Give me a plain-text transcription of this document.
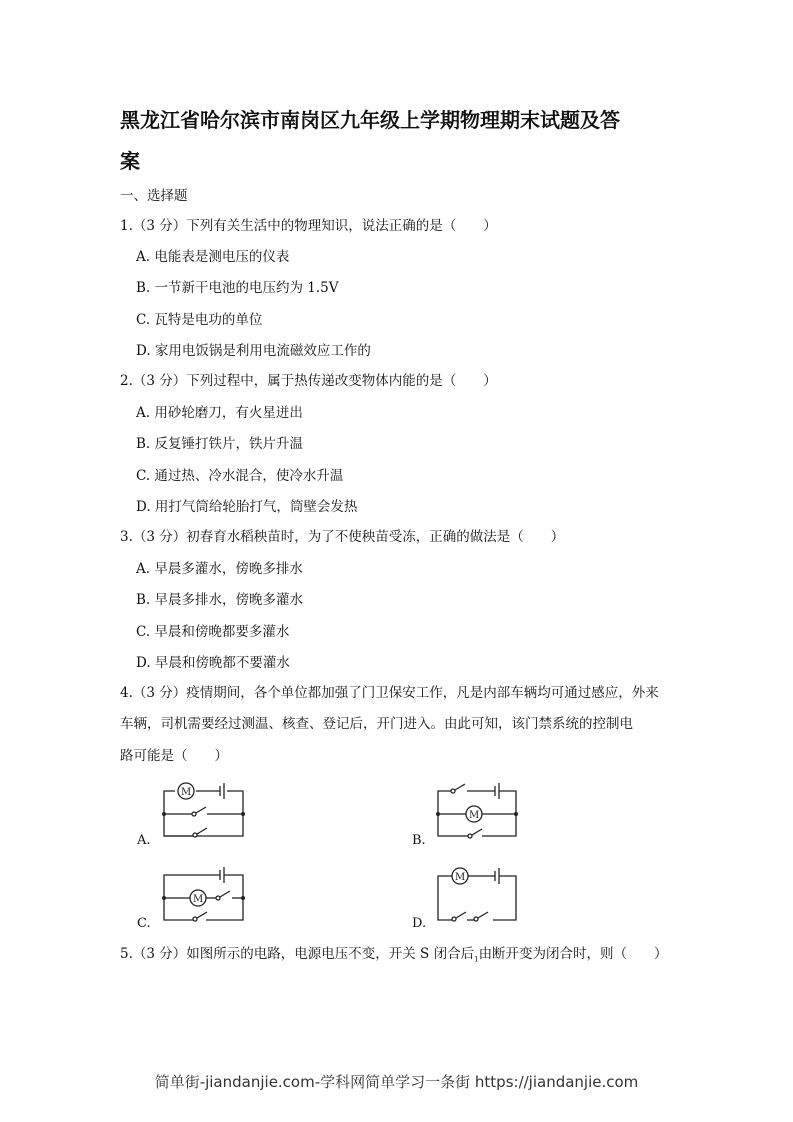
黑龙江省哈尔滨市南岗区九年级上学期物理期末试题及答
案
一、选择题
1.（3 分）下列有关生活中的物理知识，说法正确的是（　　）
A. 电能表是测电压的仪表
B. 一节新干电池的电压约为 1.5V
C. 瓦特是电功的单位
D. 家用电饭锅是利用电流磁效应工作的
2.（3 分）下列过程中，属于热传递改变物体内能的是（　　）
A. 用砂轮磨刀，有火星迸出
B. 反复锤打铁片，铁片升温
C. 通过热、冷水混合，使冷水升温
D. 用打气筒给轮胎打气，筒壁会发热
3.（3 分）初春育水稻秧苗时，为了不使秧苗受冻，正确的做法是（　　）
A. 早晨多灌水，傍晚多排水
B. 早晨多排水，傍晚多灌水
C. 早晨和傍晚都要多灌水
D. 早晨和傍晚都不要灌水
4.（3 分）疫情期间，各个单位都加强了门卫保安工作，凡是内部车辆均可通过感应，外来
车辆，司机需要经过测温、核查、登记后，开门进入。由此可知，该门禁系统的控制电
路可能是（　　）
A.
M
B.
M
C.
M
D.
M
5.（3 分）如图所示的电路，电源电压不变，开关 S 闭合后$_1$由断开变为闭合时，则（　　）
简单街-jiandanjie.com-学科网简单学习一条街 https://jiandanjie.com
